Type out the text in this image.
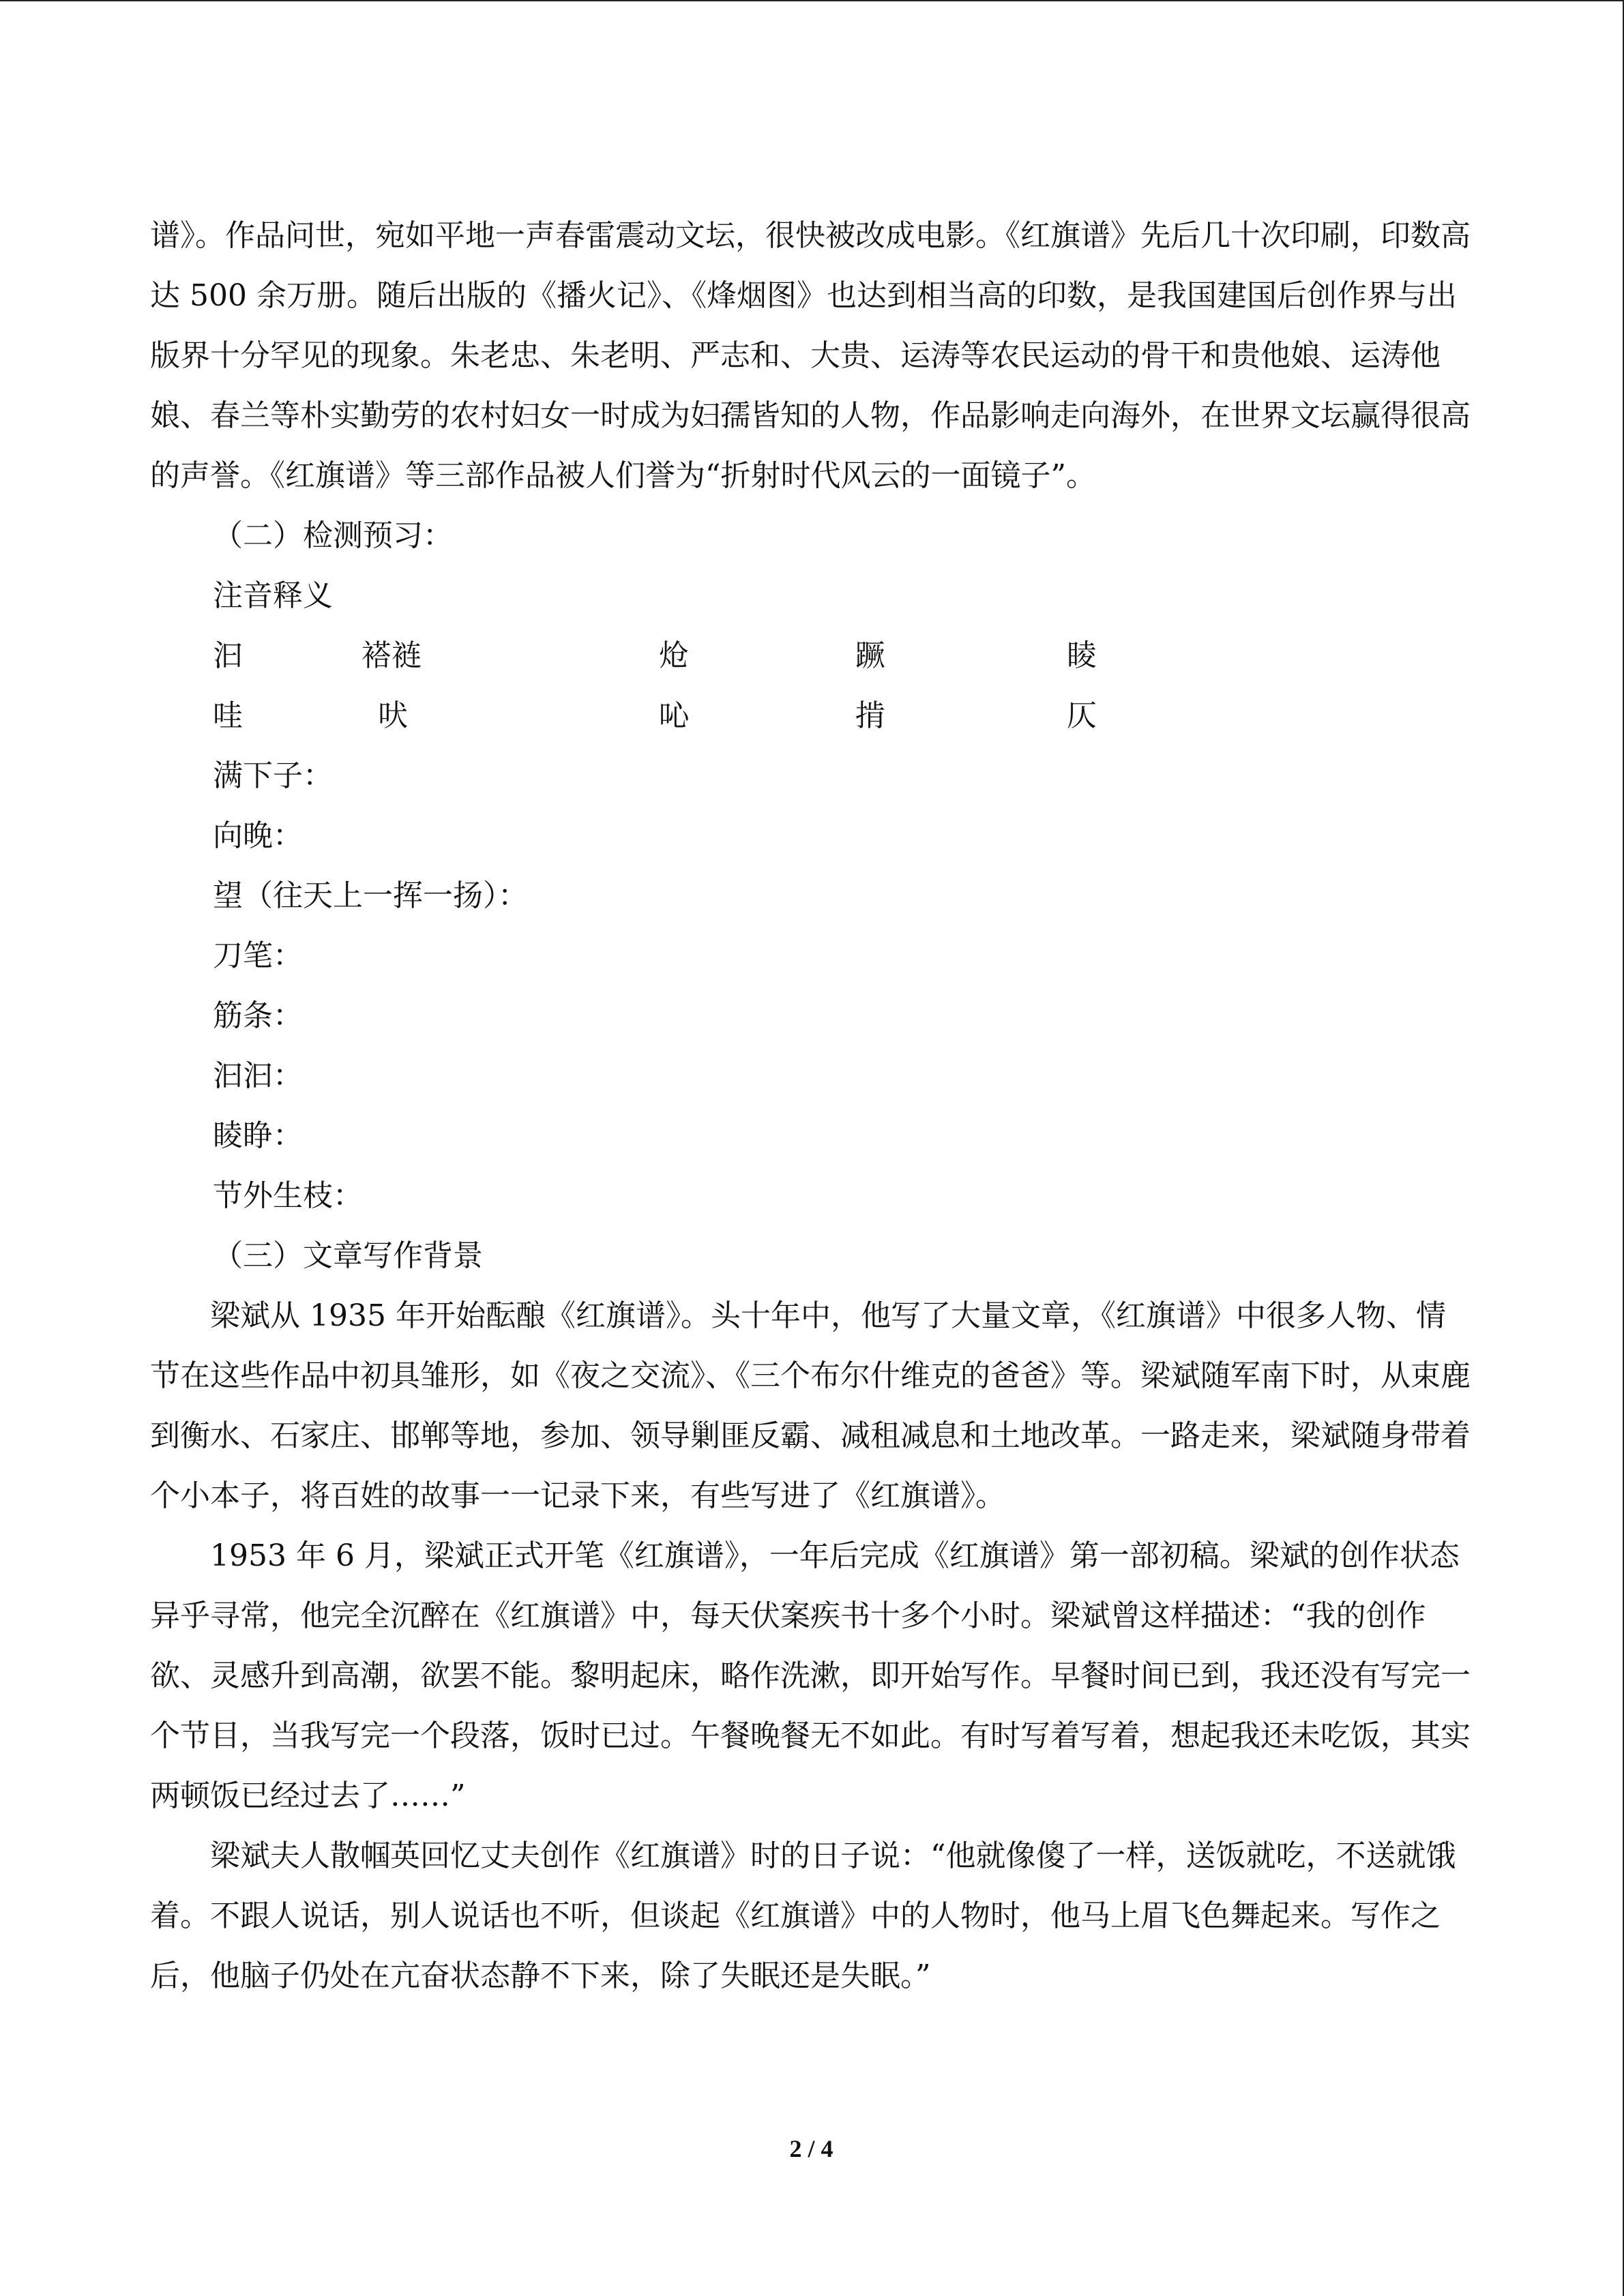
谱》。作品问世，宛如平地一声春雷震动文坛，很快被改成电影。《红旗谱》先后几十次印刷，印数高达 500 余万册。随后出版的《播火记》、《烽烟图》也达到相当高的印数，是我国建国后创作界与出版界十分罕见的现象。朱老忠、朱老明、严志和、大贵、运涛等农民运动的骨干和贵他娘、运涛他娘、春兰等朴实勤劳的农村妇女一时成为妇孺皆知的人物，作品影响走向海外，在世界文坛赢得很高的声誉。《红旗谱》等三部作品被人们誉为“折射时代风云的一面镜子”。

（二）检测预习：

注音释义

汩	褡裢	炝	蹶	睖
哇	吠	吣	掯	仄

满下子：

向晚：

望（往天上一挥一扬）：

刀笔：

筋条：

汩汩：

睖睁：

节外生枝：

（三）文章写作背景

梁斌从 1935 年开始酝酿《红旗谱》。头十年中，他写了大量文章，《红旗谱》中很多人物、情节在这些作品中初具雏形，如《夜之交流》、《三个布尔什维克的爸爸》等。梁斌随军南下时，从束鹿到衡水、石家庄、邯郸等地，参加、领导剿匪反霸、减租减息和土地改革。一路走来，梁斌随身带着个小本子，将百姓的故事一一记录下来，有些写进了《红旗谱》。

1953 年 6 月，梁斌正式开笔《红旗谱》，一年后完成《红旗谱》第一部初稿。梁斌的创作状态异乎寻常，他完全沉醉在《红旗谱》中，每天伏案疾书十多个小时。梁斌曾这样描述：“我的创作欲、灵感升到高潮，欲罢不能。黎明起床，略作洗漱，即开始写作。早餐时间已到，我还没有写完一个节目，当我写完一个段落，饭时已过。午餐晚餐无不如此。有时写着写着，想起我还未吃饭，其实两顿饭已经过去了……”

梁斌夫人散帼英回忆丈夫创作《红旗谱》时的日子说：“他就像傻了一样，送饭就吃，不送就饿着。不跟人说话，别人说话也不听，但谈起《红旗谱》中的人物时，他马上眉飞色舞起来。写作之后，他脑子仍处在亢奋状态静不下来，除了失眠还是失眠。”

2 / 4
